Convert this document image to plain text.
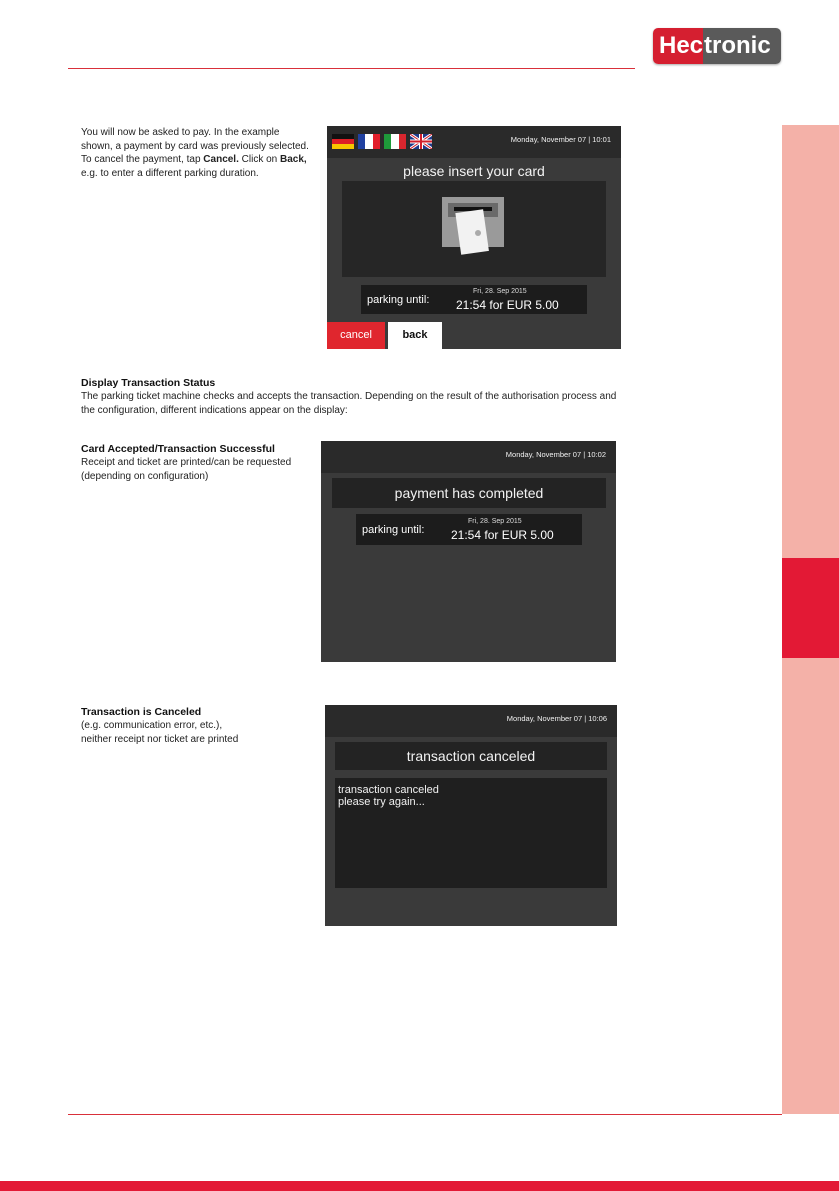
Hec tronic
You will now be asked to pay. In the example
shown, a payment by card was previously selected.
To cancel the payment, tap Cancel. Click on Back,
e.g. to enter a different parking duration.
Monday, November 07 | 10:01
please insert your card
parking until:
Fri, 28. Sep 2015
21:54 for EUR 5.00
cancel	back
Display Transaction Status
The parking ticket machine checks and accepts the transaction. Depending on the result of the authorisation process and
the configuration, different indications appear on the display:
Card Accepted/Transaction Successful
Receipt and ticket are printed/can be requested
(depending on configuration)
Monday, November 07 | 10:02
payment has completed
parking until:
Fri, 28. Sep 2015
21:54 for EUR 5.00
Transaction is Canceled
(e.g. communication error, etc.),
neither receipt nor ticket are printed
Monday, November 07 | 10:06
transaction canceled
transaction canceled
please try again...
